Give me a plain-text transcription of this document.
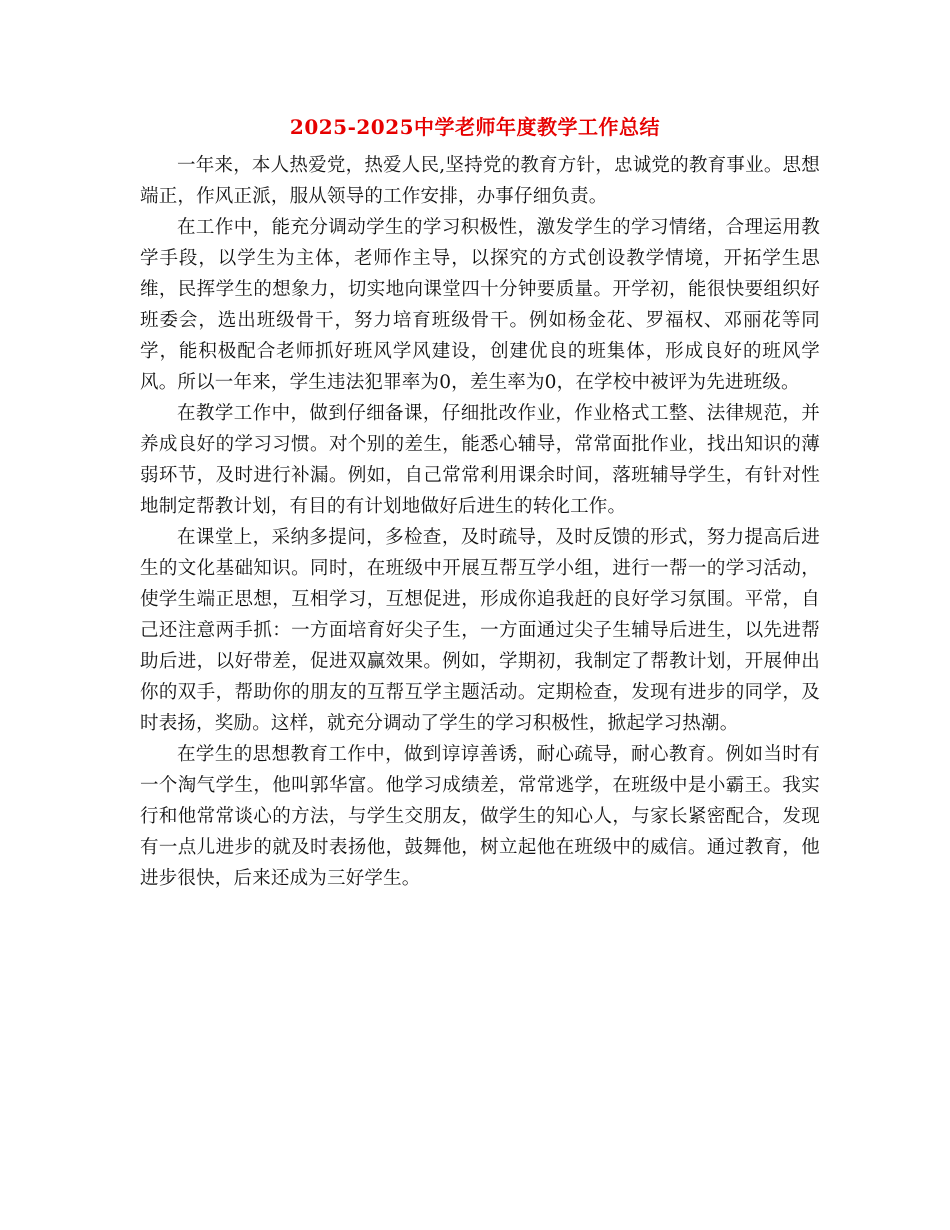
2025-2025中学老师年度教学工作总结

一年来，本人热爱党，热爱人民,坚持党的教育方针，忠诚党的教育事业。思想端正，作风正派，服从领导的工作安排，办事仔细负责。

在工作中，能充分调动学生的学习积极性，激发学生的学习情绪，合理运用教学手段，以学生为主体，老师作主导，以探究的方式创设教学情境，开拓学生思维，民挥学生的想象力，切实地向课堂四十分钟要质量。开学初，能很快要组织好班委会，选出班级骨干，努力培育班级骨干。例如杨金花、罗福权、邓丽花等同学，能积极配合老师抓好班风学风建设，创建优良的班集体，形成良好的班风学风。所以一年来，学生违法犯罪率为0，差生率为0，在学校中被评为先进班级。

在教学工作中，做到仔细备课，仔细批改作业，作业格式工整、法律规范，并养成良好的学习习惯。对个别的差生，能悉心辅导，常常面批作业，找出知识的薄弱环节，及时进行补漏。例如，自己常常利用课余时间，落班辅导学生，有针对性地制定帮教计划，有目的有计划地做好后进生的转化工作。

在课堂上，采纳多提问，多检查，及时疏导，及时反馈的形式，努力提高后进生的文化基础知识。同时，在班级中开展互帮互学小组，进行一帮一的学习活动，使学生端正思想，互相学习，互想促进，形成你追我赶的良好学习氛围。平常，自己还注意两手抓：一方面培育好尖子生，一方面通过尖子生辅导后进生，以先进帮助后进，以好带差，促进双赢效果。例如，学期初，我制定了帮教计划，开展伸出你的双手，帮助你的朋友的互帮互学主题活动。定期检查，发现有进步的同学，及时表扬，奖励。这样，就充分调动了学生的学习积极性，掀起学习热潮。

在学生的思想教育工作中，做到谆谆善诱，耐心疏导，耐心教育。例如当时有一个淘气学生，他叫郭华富。他学习成绩差，常常逃学，在班级中是小霸王。我实行和他常常谈心的方法，与学生交朋友，做学生的知心人，与家长紧密配合，发现有一点儿进步的就及时表扬他，鼓舞他，树立起他在班级中的威信。通过教育，他进步很快，后来还成为三好学生。
